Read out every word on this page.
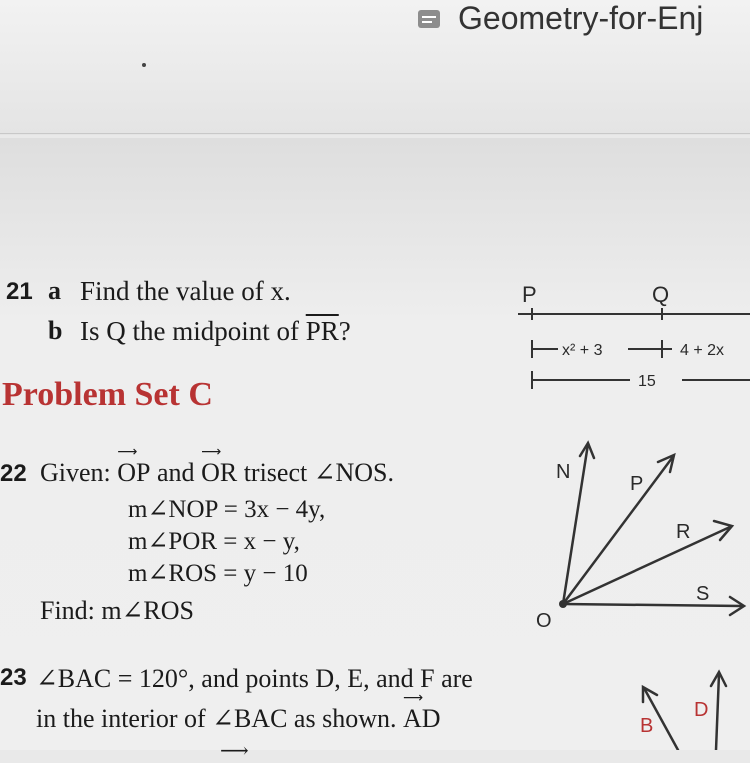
Geometry-for-Enj
21 a Find the value of x.
b Is Q the midpoint of $\overline{PR}$?
Problem Set C
22 Given:
⟶
OP and
⟶
OR trisect ∠NOS.
m∠NOP = 3x − 4y,
m∠POR = x − y,
m∠ROS = y − 10
Find: m∠ROS
23 ∠BAC = 120°, and points D, E, and F are
in the interior of ∠BAC as shown.
⟶
AD
⟶
P	Q
x² + 3	4 + 2x
15
N
P
R
S
O
B
D
